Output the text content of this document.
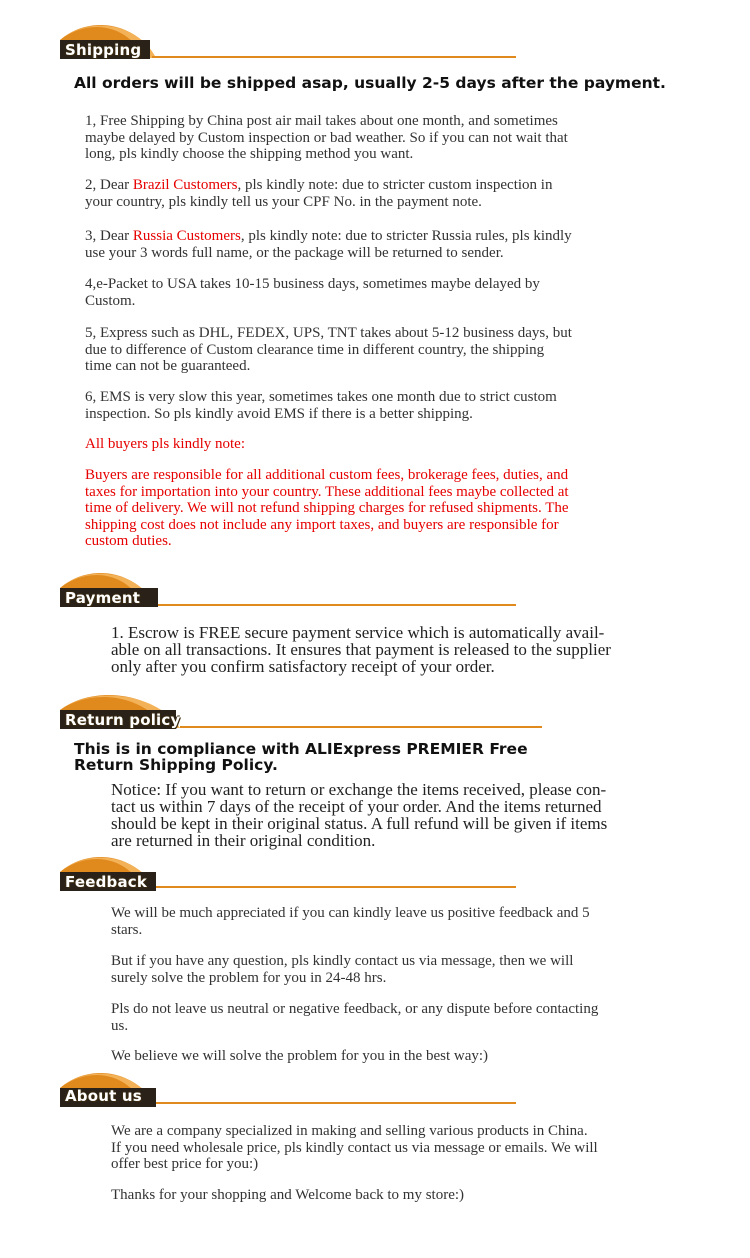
Shipping
All orders will be shipped asap, usually 2-5 days after the payment.
1, Free Shipping by China post air mail takes about one month, and sometimes
maybe delayed by Custom inspection or bad weather. So if you can not wait that
long, pls kindly choose the shipping method you want.
2, Dear Brazil Customers, pls kindly note: due to stricter custom inspection in
your country, pls kindly tell us your CPF No. in the payment note.
3, Dear Russia Customers, pls kindly note: due to stricter Russia rules, pls kindly
use your 3 words full name, or the package will be returned to sender.
4,e-Packet to USA takes 10-15 business days, sometimes maybe delayed by
Custom.
5, Express such as DHL, FEDEX, UPS, TNT takes about 5-12 business days, but
due to difference of Custom clearance time in different country, the shipping
time can not be guaranteed.
6, EMS is very slow this year, sometimes takes one month due to strict custom
inspection. So pls kindly avoid EMS if there is a better shipping.
All buyers pls kindly note:
Buyers are responsible for all additional custom fees, brokerage fees, duties, and
taxes for importation into your country. These additional fees maybe collected at
time of delivery. We will not refund shipping charges for refused shipments. The
shipping cost does not include any import taxes, and buyers are responsible for
custom duties.
Payment
1. Escrow is FREE secure payment service which is automatically avail-
able on all transactions. It ensures that payment is released to the supplier
only after you confirm satisfactory receipt of your order.
Return policy
This is in compliance with ALIExpress PREMIER Free
Return Shipping Policy.
Notice: If you want to return or exchange the items received, please con-
tact us within 7 days of the receipt of your order. And the items returned
should be kept in their original status. A full refund will be given if items
are returned in their original condition.
Feedback
We will be much appreciated if you can kindly leave us positive feedback and 5
stars.
But if you have any question, pls kindly contact us via message, then we will
surely solve the problem for you in 24-48 hrs.
Pls do not leave us neutral or negative feedback, or any dispute before contacting
us.
We believe we will solve the problem for you in the best way:)
About us
We are a company specialized in making and selling various products in China.
If you need wholesale price, pls kindly contact us via message or emails. We will
offer best price for you:)
Thanks for your shopping and Welcome back to my store:)
